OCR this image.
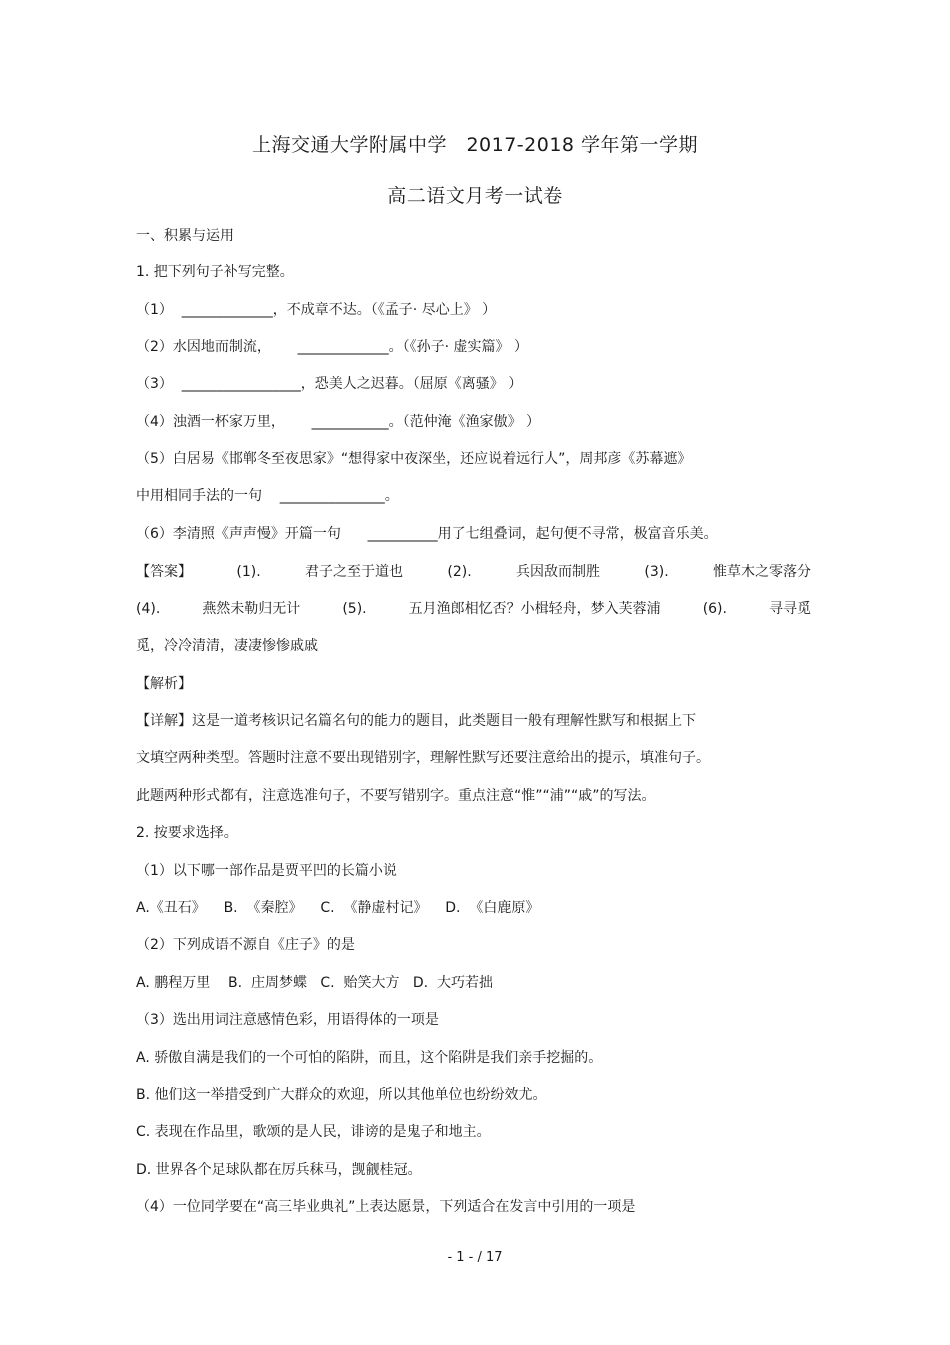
上海交通大学附属中学　2017-2018 学年第一学期
高二语文月考一试卷
一、积累与运用
1. 把下列句子补写完整。
（1）  _____________，不成章不达。（《孟子· 尽心上》 ）
（2）水因地而制流，      _____________。（《孙子· 虚实篇》 ）
（3）  _________________，恐美人之迟暮。（屈原《离骚》 ）
（4）浊酒一杯家万里，      ___________。（范仲淹《渔家傲》 ）
（5）白居易《邯郸冬至夜思家》“想得家中夜深坐，还应说着远行人”，周邦彦《苏幕遮》
中用相同手法的一句    _______________。
（6）李清照《声声慢》开篇一句      __________用了七组叠词，起句便不寻常，极富音乐美。
【答案】	(1).	君子之至于道也	(2).	兵因敌而制胜	(3).	惟草木之零落分
(4).	燕然未勒归无计	(5).	五月渔郎相忆否？小楫轻舟，梦入芙蓉浦	(6).	寻寻觅
觅，冷冷清清，凄凄惨惨戚戚
【解析】
【详解】这是一道考核识记名篇名句的能力的题目，此类题目一般有理解性默写和根据上下
文填空两种类型。答题时注意不要出现错别字，理解性默写还要注意给出的提示，填准句子。
此题两种形式都有，注意选准句子，不要写错别字。重点注意“惟”“浦”“戚”的写法。
2. 按要求选择。
（1）以下哪一部作品是贾平凹的长篇小说
A.《丑石》    B.  《秦腔》    C.  《静虚村记》    D.  《白鹿原》
（2）下列成语不源自《庄子》的是
A. 鹏程万里    B.  庄周梦蝶   C.  贻笑大方   D.  大巧若拙
（3）选出用词注意感情色彩，用语得体的一项是
A. 骄傲自满是我们的一个可怕的陷阱，而且，这个陷阱是我们亲手挖掘的。
B. 他们这一举措受到广大群众的欢迎，所以其他单位也纷纷效尤。
C. 表现在作品里，歌颂的是人民，诽谤的是鬼子和地主。
D. 世界各个足球队都在厉兵秣马，觊觎桂冠。
（4）一位同学要在“高三毕业典礼”上表达愿景，下列适合在发言中引用的一项是
- 1 - / 17
